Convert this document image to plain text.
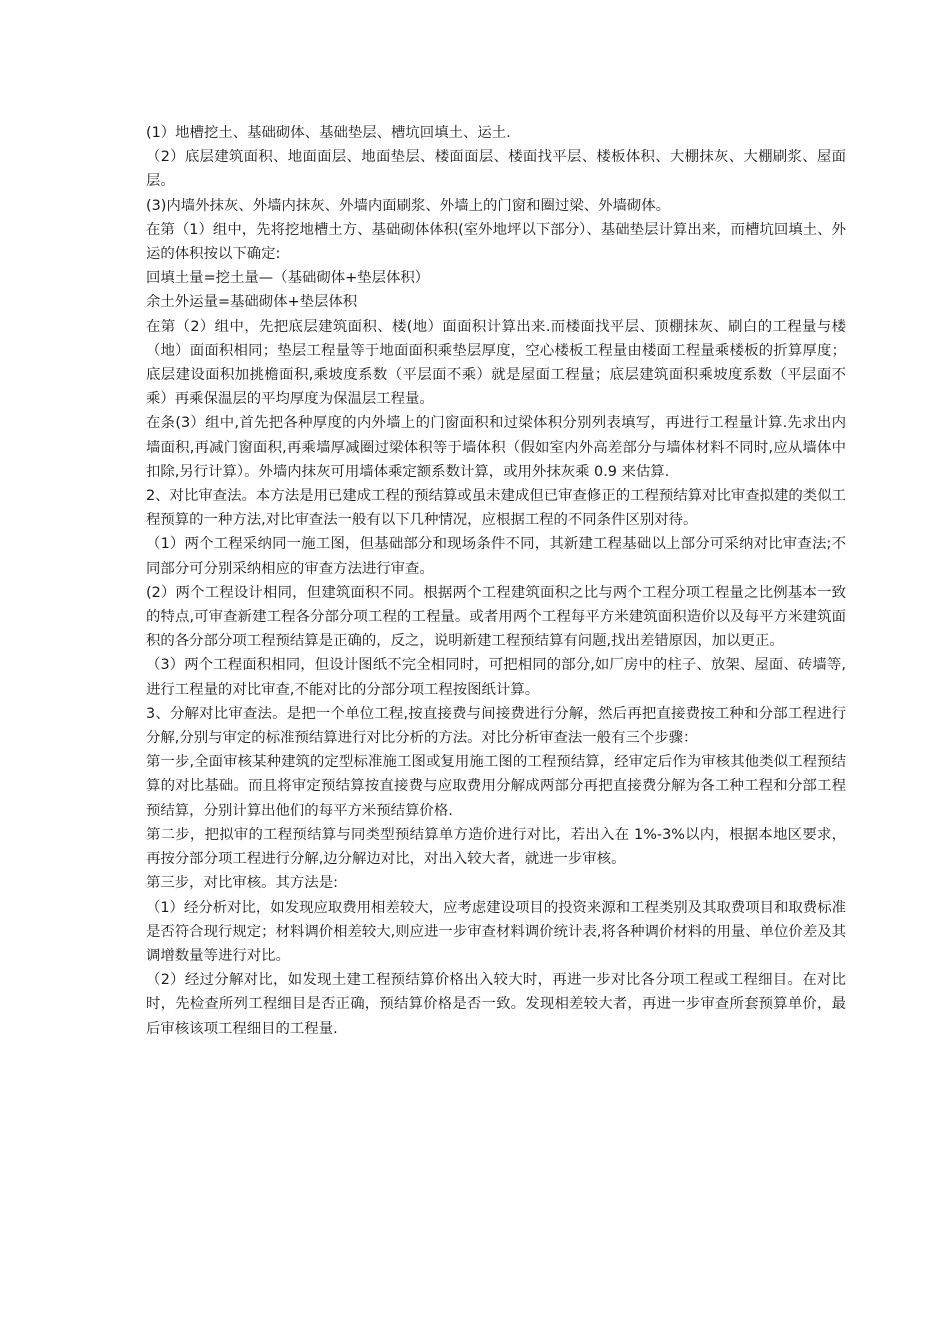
(1）地槽挖土、基础砌体、基础垫层、槽坑回填土、运土.

（2）底层建筑面积、地面面层、地面垫层、楼面面层、楼面找平层、楼板体积、大棚抹灰、大棚刷浆、屋面层。

(3)内墙外抹灰、外墙内抹灰、外墙内面刷浆、外墙上的门窗和圈过梁、外墙砌体。

在第（1）组中，先将挖地槽土方、基础砌体体积(室外地坪以下部分）、基础垫层计算出来，而槽坑回填土、外运的体积按以下确定:

回填土量=挖土量—（基础砌体+垫层体积）

余土外运量=基础砌体+垫层体积

在第（2）组中，先把底层建筑面积、楼(地）面面积计算出来.而楼面找平层、顶棚抹灰、刷白的工程量与楼（地）面面积相同；垫层工程量等于地面面积乘垫层厚度，空心楼板工程量由楼面工程量乘楼板的折算厚度；底层建设面积加挑檐面积,乘坡度系数（平层面不乘）就是屋面工程量；底层建筑面积乘坡度系数（平层面不乘）再乘保温层的平均厚度为保温层工程量。

在条(3）组中,首先把各种厚度的内外墙上的门窗面积和过梁体积分别列表填写，再进行工程量计算.先求出内墙面积,再减门窗面积,再乘墙厚减圈过梁体积等于墙体积（假如室内外高差部分与墙体材料不同时,应从墙体中扣除,另行计算）。外墙内抹灰可用墙体乘定额系数计算，或用外抹灰乘 0.9 来估算.

2、对比审查法。本方法是用已建成工程的预结算或虽未建成但已审查修正的工程预结算对比审查拟建的类似工程预算的一种方法,对比审查法一般有以下几种情况，应根据工程的不同条件区别对待。

（1）两个工程采纳同一施工图，但基础部分和现场条件不同，其新建工程基础以上部分可采纳对比审查法;不同部分可分别采纳相应的审查方法进行审查。

(2）两个工程设计相同，但建筑面积不同。根据两个工程建筑面积之比与两个工程分项工程量之比例基本一致的特点,可审查新建工程各分部分项工程的工程量。或者用两个工程每平方米建筑面积造价以及每平方米建筑面积的各分部分项工程预结算是正确的，反之，说明新建工程预结算有问题,找出差错原因，加以更正。

（3）两个工程面积相同，但设计图纸不完全相同时，可把相同的部分,如厂房中的柱子、放架、屋面、砖墙等,进行工程量的对比审查,不能对比的分部分项工程按图纸计算。

3、分解对比审查法。是把一个单位工程,按直接费与间接费进行分解，然后再把直接费按工种和分部工程进行分解,分别与审定的标准预结算进行对比分析的方法。对比分析审查法一般有三个步骤：

第一步,全面审核某种建筑的定型标准施工图或复用施工图的工程预结算，经审定后作为审核其他类似工程预结算的对比基础。而且将审定预结算按直接费与应取费用分解成两部分再把直接费分解为各工种工程和分部工程预结算，分别计算出他们的每平方米预结算价格.

第二步，把拟审的工程预结算与同类型预结算单方造价进行对比，若出入在 1%-3%以内，根据本地区要求，再按分部分项工程进行分解,边分解边对比，对出入较大者，就进一步审核。

第三步，对比审核。其方法是:

（1）经分析对比，如发现应取费用相差较大，应考虑建设项目的投资来源和工程类别及其取费项目和取费标准是否符合现行规定；材料调价相差较大,则应进一步审查材料调价统计表,将各种调价材料的用量、单位价差及其调增数量等进行对比。

（2）经过分解对比，如发现土建工程预结算价格出入较大时，再进一步对比各分项工程或工程细目。在对比时，先检查所列工程细目是否正确，预结算价格是否一致。发现相差较大者，再进一步审查所套预算单价，最后审核该项工程细目的工程量.
